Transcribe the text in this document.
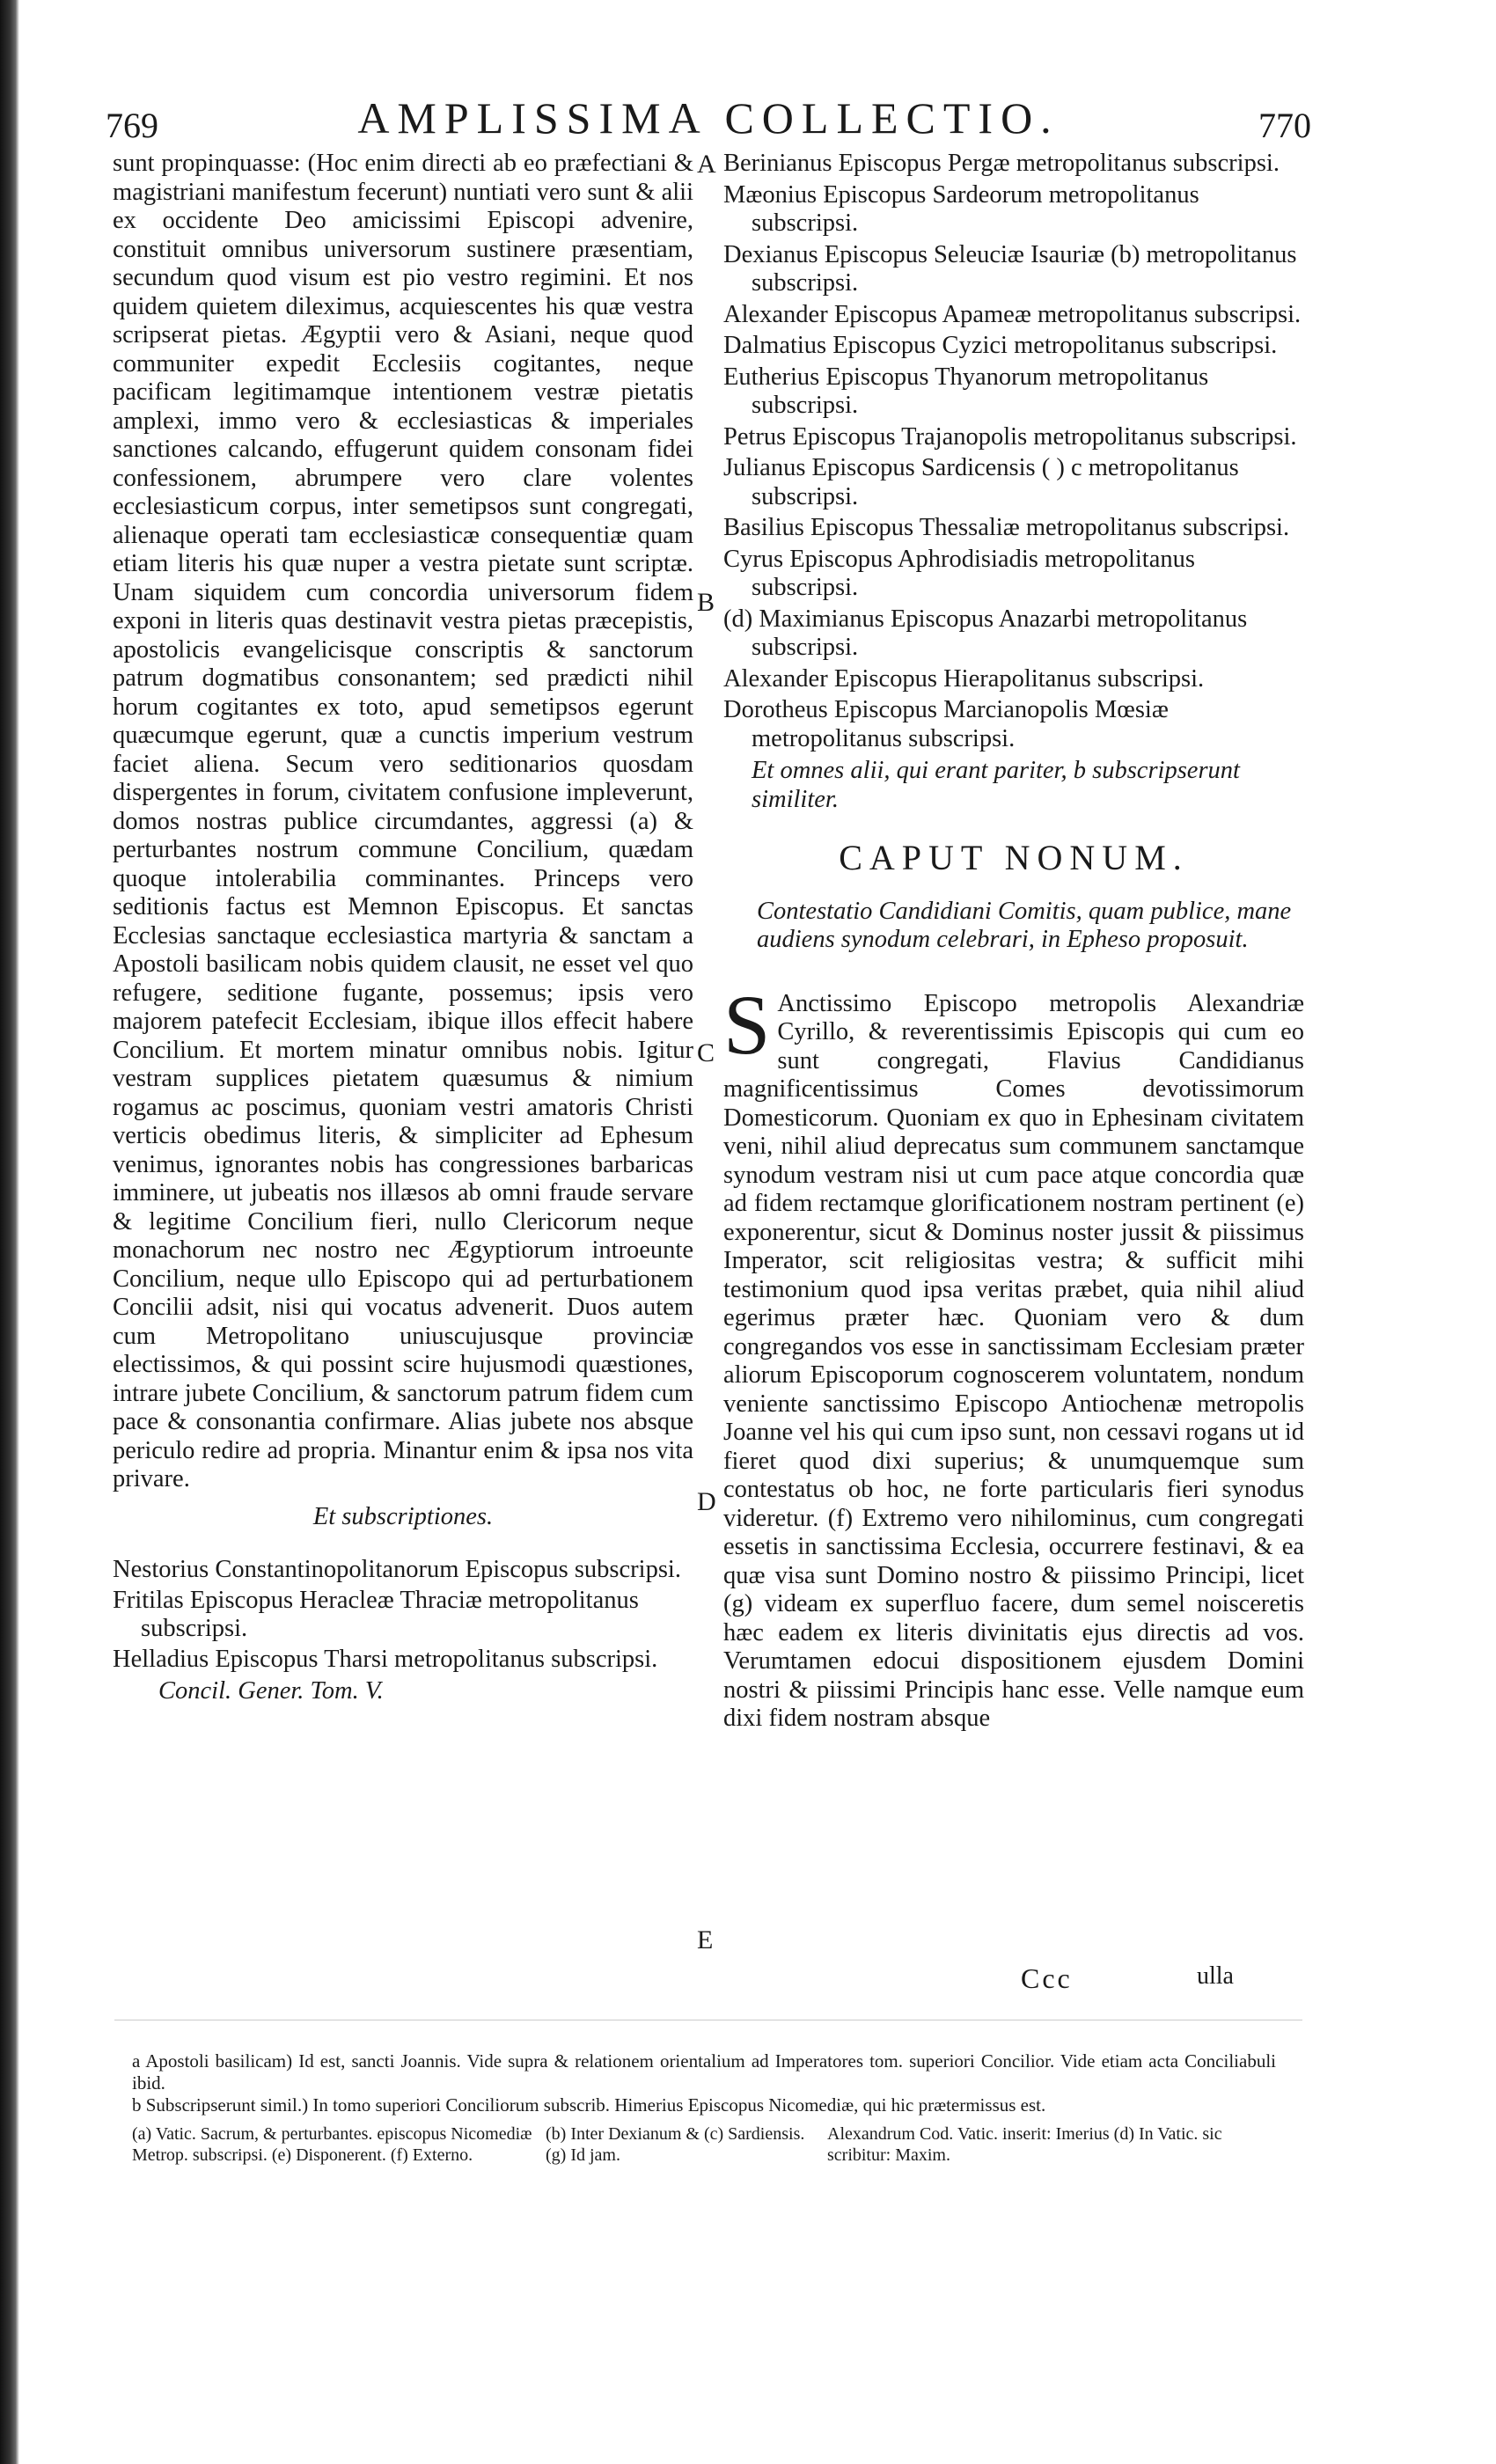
769	AMPLISSIMA COLLECTIO.	770

sunt propinquasse: (Hoc enim directi ab eo præfectiani & magistriani manifestum fecerunt) nuntiati vero sunt & alii ex occidente Deo amicissimi Episcopi advenire, constituit omnibus universorum sustinere præsentiam, secundum quod visum est pio vestro regimini. Et nos quidem quietem dileximus, acquiescentes his quæ vestra scripserat pietas. Ægyptii vero & Asiani, neque quod communiter expedit Ecclesiis cogitantes, neque pacificam legitimamque intentionem vestræ pietatis amplexi, immo vero & ecclesiasticas & imperiales sanctiones calcando, effugerunt quidem consonam fidei confessionem, abrumpere vero clare volentes ecclesiasticum corpus, inter semetipsos sunt congregati, alienaque operati tam ecclesiasticæ consequentiæ quam etiam literis his quæ nuper a vestra pietate sunt scriptæ. Unam siquidem cum concordia universorum fidem exponi in literis quas destinavit vestra pietas præcepistis, apostolicis evangelicisque conscriptis & sanctorum patrum dogmatibus consonantem; sed prædicti nihil horum cogitantes ex toto, apud semetipsos egerunt quæcumque egerunt, quæ a cunctis imperium vestrum faciet aliena. Secum vero seditionarios quosdam dispergentes in forum, civitatem confusione impleverunt, domos nostras publice circumdantes, aggressi (a) & perturbantes nostrum commune Concilium, quædam quoque intolerabilia comminantes. Princeps vero seditionis factus est Memnon Episcopus. Et sanctas Ecclesias sanctaque ecclesiastica martyria & sanctam a Apostoli basilicam nobis quidem clausit, ne esset vel quo refugere, seditione fugante, possemus; ipsis vero majorem patefecit Ecclesiam, ibique illos effecit habere Concilium. Et mortem minatur omnibus nobis. Igitur vestram supplices pietatem quæsumus & nimium rogamus ac poscimus, quoniam vestri amatoris Christi verticis obedimus literis, & simpliciter ad Ephesum venimus, ignorantes nobis has congressiones barbaricas imminere, ut jubeatis nos illæsos ab omni fraude servare & legitime Concilium fieri, nullo Clericorum neque monachorum nec nostro nec Ægyptiorum introeunte Concilium, neque ullo Episcopo qui ad perturbationem Concilii adsit, nisi qui vocatus advenerit. Duos autem cum Metropolitano uniuscujusque provinciæ electissimos, & qui possint scire hujusmodi quæstiones, intrare jubete Concilium, & sanctorum patrum fidem cum pace & consonantia confirmare. Alias jubete nos absque periculo redire ad propria. Minantur enim & ipsa nos vita privare.

Et subscriptiones.

Nestorius Constantinopolitanorum Episcopus subscripsi.

Fritilas Episcopus Heracleæ Thraciæ metropolitanus subscripsi.

Helladius Episcopus Tharsi metropolitanus subscripsi.

Concil. Gener. Tom. V.

Berinianus Episcopus Pergæ metropolitanus subscripsi.

Mæonius Episcopus Sardeorum metropolitanus subscripsi.

Dexianus Episcopus Seleuciæ Isauriæ (b) metropolitanus subscripsi.

Alexander Episcopus Apameæ metropolitanus subscripsi.

Dalmatius Episcopus Cyzici metropolitanus subscripsi.

Eutherius Episcopus Thyanorum metropolitanus subscripsi.

Petrus Episcopus Trajanopolis metropolitanus subscripsi.

Julianus Episcopus Sardicensis ( ) c metropolitanus subscripsi.

Basilius Episcopus Thessaliæ metropolitanus subscripsi.

Cyrus Episcopus Aphrodisiadis metropolitanus subscripsi.

(d) Maximianus Episcopus Anazarbi metropolitanus subscripsi.

Alexander Episcopus Hierapolitanus subscripsi.

Dorotheus Episcopus Marcianopolis Mœsiæ metropolitanus subscripsi.

Et omnes alii, qui erant pariter, b subscripserunt similiter.

CAPUT NONUM.

Contestatio Candidiani Comitis, quam publice, mane audiens synodum celebrari, in Epheso proposuit.

S Anctissimo Episcopo metropolis Alexandriæ Cyrillo, & reverentissimis Episcopis qui cum eo sunt congregati, Flavius Candidianus magnificentissimus Comes devotissimorum Domesticorum. Quoniam ex quo in Ephesinam civitatem veni, nihil aliud deprecatus sum communem sanctamque synodum vestram nisi ut cum pace atque concordia quæ ad fidem rectamque glorificationem nostram pertinent (e) exponerentur, sicut & Dominus noster jussit & piissimus Imperator, scit religiositas vestra; & sufficit mihi testimonium quod ipsa veritas præbet, quia nihil aliud egerimus præter hæc. Quoniam vero & dum congregandos vos esse in sanctissimam Ecclesiam præter aliorum Episcoporum cognoscerem voluntatem, nondum veniente sanctissimo Episcopo Antiochenæ metropolis Joanne vel his qui cum ipso sunt, non cessavi rogans ut id fieret quod dixi superius; & unumquemque sum contestatus ob hoc, ne forte particularis fieri synodus videretur. (f) Extremo vero nihilominus, cum congregati essetis in sanctissima Ecclesia, occurrere festinavi, & ea quæ visa sunt Domino nostro & piissimo Principi, licet (g) videam ex superfluo facere, dum semel noisceretis hæc eadem ex literis divinitatis ejus directis ad vos. Verumtamen edocui dispositionem ejusdem Domini nostri & piissimi Principis hanc esse. Velle namque eum dixi fidem nostram absque

A
B
C
D
E
Ccc	ulla

a Apostoli basilicam) Id est, sancti Joannis. Vide supra & relationem orientalium ad Imperatores tom. superiori Concilior. Vide etiam acta Conciliabuli ibid.

b Subscripserunt simil.) In tomo superiori Conciliorum subscrib. Himerius Episcopus Nicomediæ, qui hic prætermissus est.

(a) Vatic. Sacrum, & perturbantes. episcopus Nicomediæ Metrop. subscripsi. (e) Disponerent. (f) Externo.

(b) Inter Dexianum & (c) Sardiensis. (g) Id jam.

Alexandrum Cod. Vatic. inserit: Imerius (d) In Vatic. sic scribitur: Maxim.
